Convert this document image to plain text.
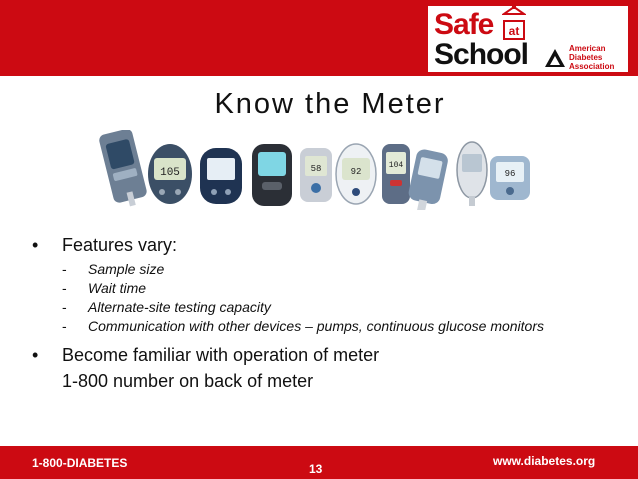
Safe	at
School	American
Diabetes
Association
Know the Meter
105	58	92
104
96
• Features vary:
- Sample size
- Wait time
- Alternate-site testing capacity
- Communication with other devices – pumps, continuous glucose monitors
• Become familiar with operation of meter
1-800 number on back of meter
1-800-DIABETES	13
www.diabetes.org
